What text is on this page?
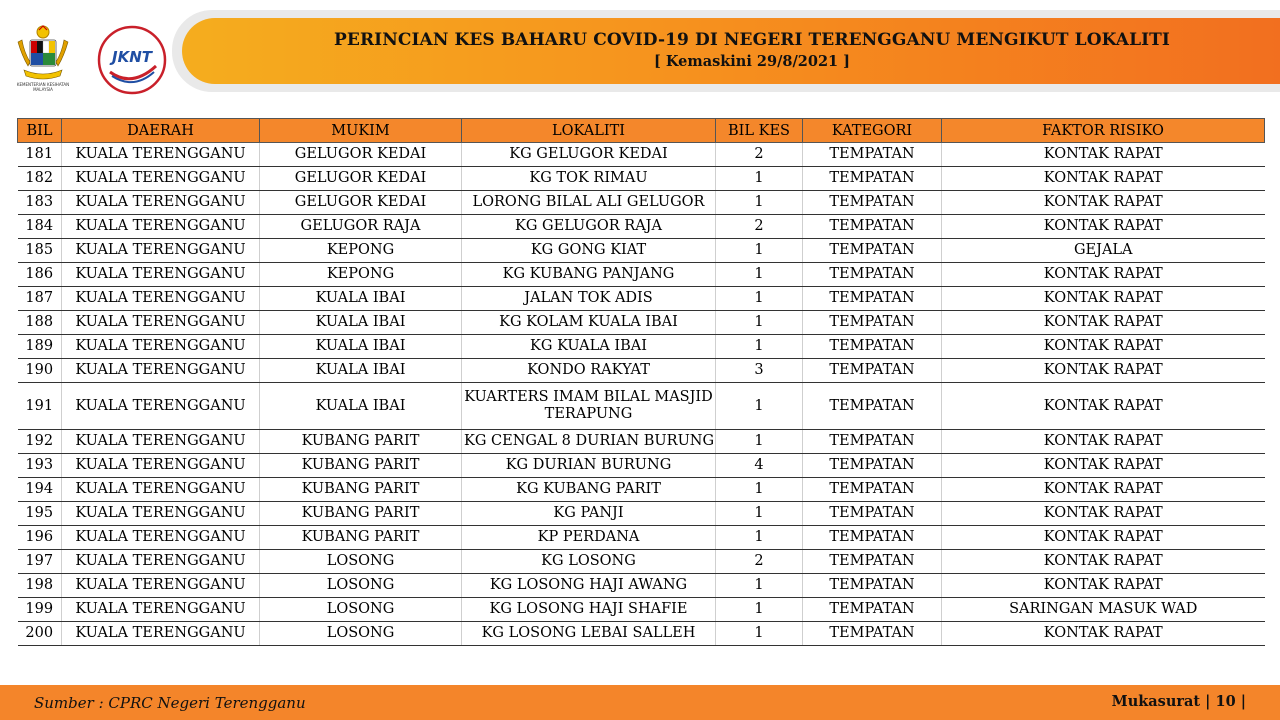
KEMENTERIAN KESIHATAN MALAYSIA
JKNT
PERINCIAN KES BAHARU COVID-19 DI NEGERI TERENGGANU MENGIKUT LOKALITI
[ Kemaskini 29/8/2021 ]
BIL	DAERAH	MUKIM	LOKALITI	BIL KES	KATEGORI	FAKTOR RISIKO
181	KUALA TERENGGANU	GELUGOR KEDAI	KG GELUGOR KEDAI	2	TEMPATAN	KONTAK RAPAT
182	KUALA TERENGGANU	GELUGOR KEDAI	KG TOK RIMAU	1	TEMPATAN	KONTAK RAPAT
183	KUALA TERENGGANU	GELUGOR KEDAI	LORONG BILAL ALI GELUGOR	1	TEMPATAN	KONTAK RAPAT
184	KUALA TERENGGANU	GELUGOR RAJA	KG GELUGOR RAJA	2	TEMPATAN	KONTAK RAPAT
185	KUALA TERENGGANU	KEPONG	KG GONG KIAT	1	TEMPATAN	GEJALA
186	KUALA TERENGGANU	KEPONG	KG KUBANG PANJANG	1	TEMPATAN	KONTAK RAPAT
187	KUALA TERENGGANU	KUALA IBAI	JALAN TOK ADIS	1	TEMPATAN	KONTAK RAPAT
188	KUALA TERENGGANU	KUALA IBAI	KG KOLAM KUALA IBAI	1	TEMPATAN	KONTAK RAPAT
189	KUALA TERENGGANU	KUALA IBAI	KG KUALA IBAI	1	TEMPATAN	KONTAK RAPAT
190	KUALA TERENGGANU	KUALA IBAI	KONDO RAKYAT	3	TEMPATAN	KONTAK RAPAT
191	KUALA TERENGGANU	KUALA IBAI	KUARTERS IMAM BILAL MASJID TERAPUNG	1	TEMPATAN	KONTAK RAPAT
192	KUALA TERENGGANU	KUBANG PARIT	KG CENGAL 8 DURIAN BURUNG	1	TEMPATAN	KONTAK RAPAT
193	KUALA TERENGGANU	KUBANG PARIT	KG DURIAN BURUNG	4	TEMPATAN	KONTAK RAPAT
194	KUALA TERENGGANU	KUBANG PARIT	KG KUBANG PARIT	1	TEMPATAN	KONTAK RAPAT
195	KUALA TERENGGANU	KUBANG PARIT	KG PANJI	1	TEMPATAN	KONTAK RAPAT
196	KUALA TERENGGANU	KUBANG PARIT	KP PERDANA	1	TEMPATAN	KONTAK RAPAT
197	KUALA TERENGGANU	LOSONG	KG LOSONG	2	TEMPATAN	KONTAK RAPAT
198	KUALA TERENGGANU	LOSONG	KG LOSONG HAJI AWANG	1	TEMPATAN	KONTAK RAPAT
199	KUALA TERENGGANU	LOSONG	KG LOSONG HAJI SHAFIE	1	TEMPATAN	SARINGAN MASUK WAD
200	KUALA TERENGGANU	LOSONG	KG LOSONG LEBAI SALLEH	1	TEMPATAN	KONTAK RAPAT
Sumber : CPRC Negeri Terengganu	Mukasurat | 10 |
